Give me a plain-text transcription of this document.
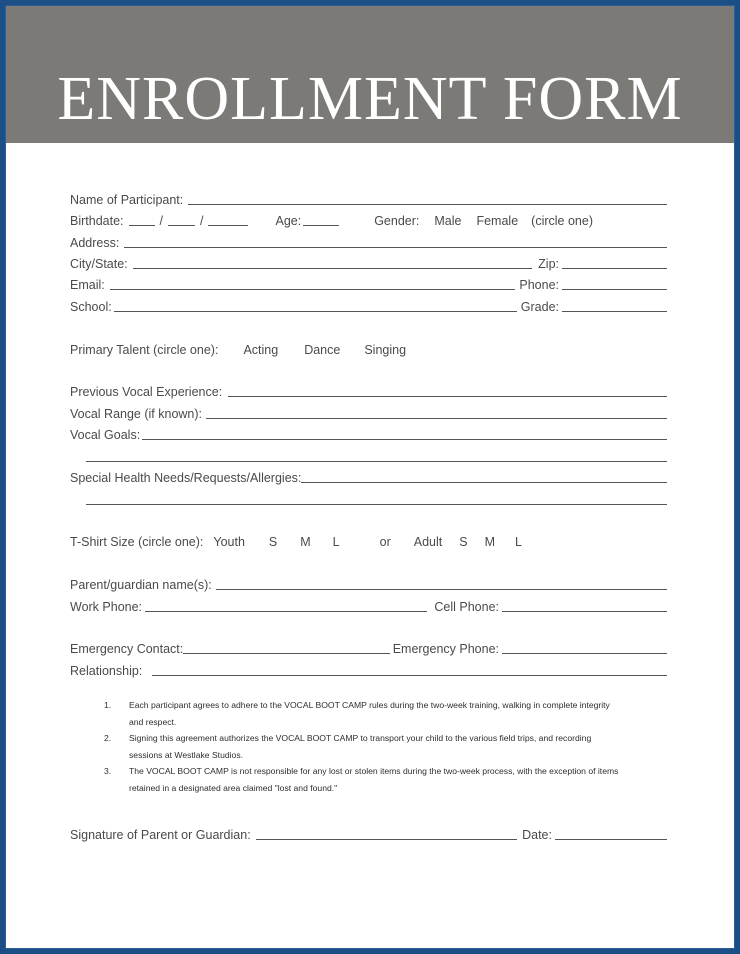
ENROLLMENT FORM
Name of Participant:
Birthdate:	/	/	Age:	Gender: Male Female (circle one)
Address:
City/State:	Zip:
Email:	Phone:
School:	Grade:
Primary Talent (circle one): Acting Dance Singing
Previous Vocal Experience:
Vocal Range (if known):
Vocal Goals:
Special Health Needs/Requests/Allergies:
T-Shirt Size (circle one): Youth S M L	or Adult S M L
Parent/guardian name(s):
Work Phone:	Cell Phone:
Emergency Contact:	Emergency Phone:
Relationship:
1. Each participant agrees to adhere to the VOCAL BOOT CAMP rules during the two-week training, walking in complete integrity and respect.
2. Signing this agreement authorizes the VOCAL BOOT CAMP to transport your child to the various field trips, and recording sessions at Westlake Studios.
3. The VOCAL BOOT CAMP is not responsible for any lost or stolen items during the two-week process, with the exception of items retained in a designated area claimed "lost and found."
Signature of Parent or Guardian:	Date:
